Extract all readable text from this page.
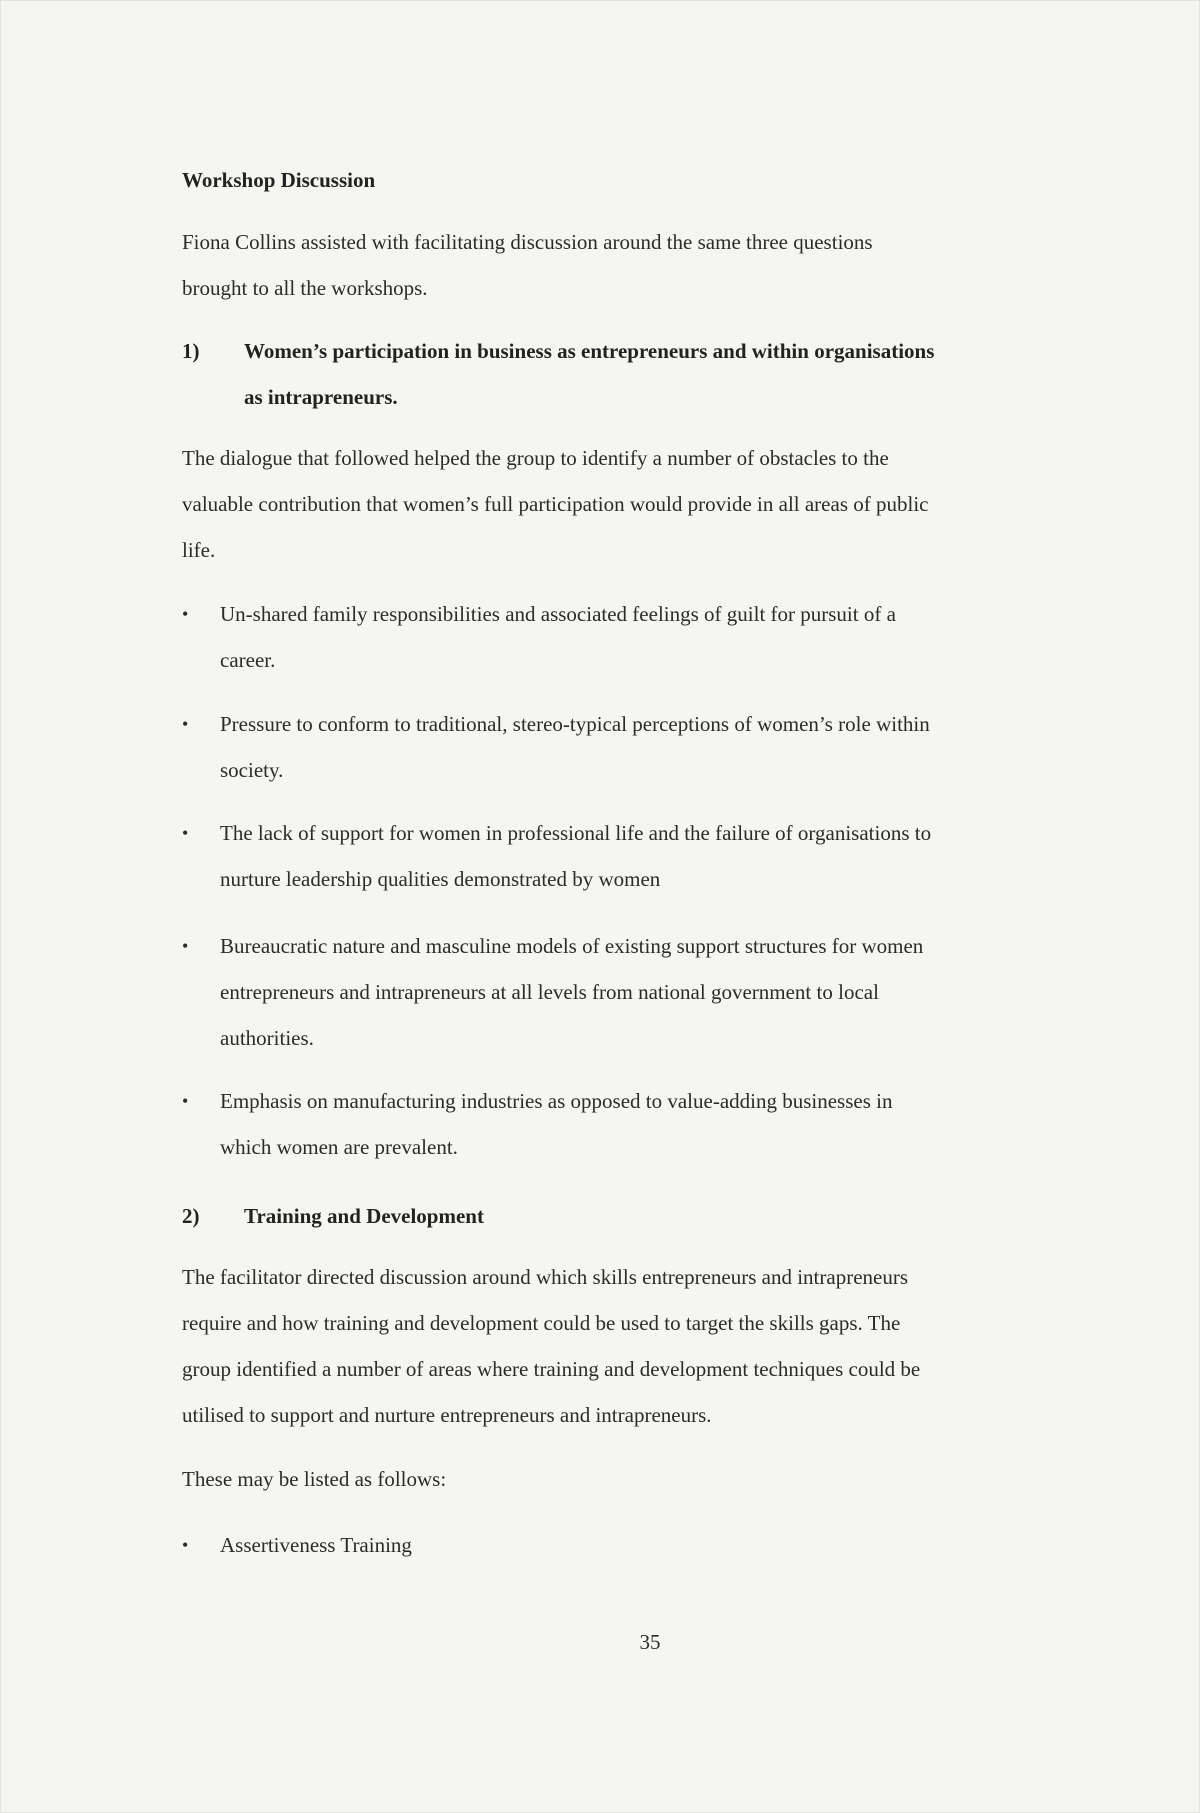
Workshop Discussion
Fiona Collins assisted with facilitating discussion around the same three questions
brought to all the workshops.
1) Women’s participation in business as entrepreneurs and within organisations
as intrapreneurs.
The dialogue that followed helped the group to identify a number of obstacles to the
valuable contribution that women’s full participation would provide in all areas of public
life.
• Un-shared family responsibilities and associated feelings of guilt for pursuit of a
career.
• Pressure to conform to traditional, stereo-typical perceptions of women’s role within
society.
• The lack of support for women in professional life and the failure of organisations to
nurture leadership qualities demonstrated by women
• Bureaucratic nature and masculine models of existing support structures for women
entrepreneurs and intrapreneurs at all levels from national government to local
authorities.
• Emphasis on manufacturing industries as opposed to value-adding businesses in
which women are prevalent.
2) Training and Development
The facilitator directed discussion around which skills entrepreneurs and intrapreneurs
require and how training and development could be used to target the skills gaps. The
group identified a number of areas where training and development techniques could be
utilised to support and nurture entrepreneurs and intrapreneurs.
These may be listed as follows:
• Assertiveness Training
35
